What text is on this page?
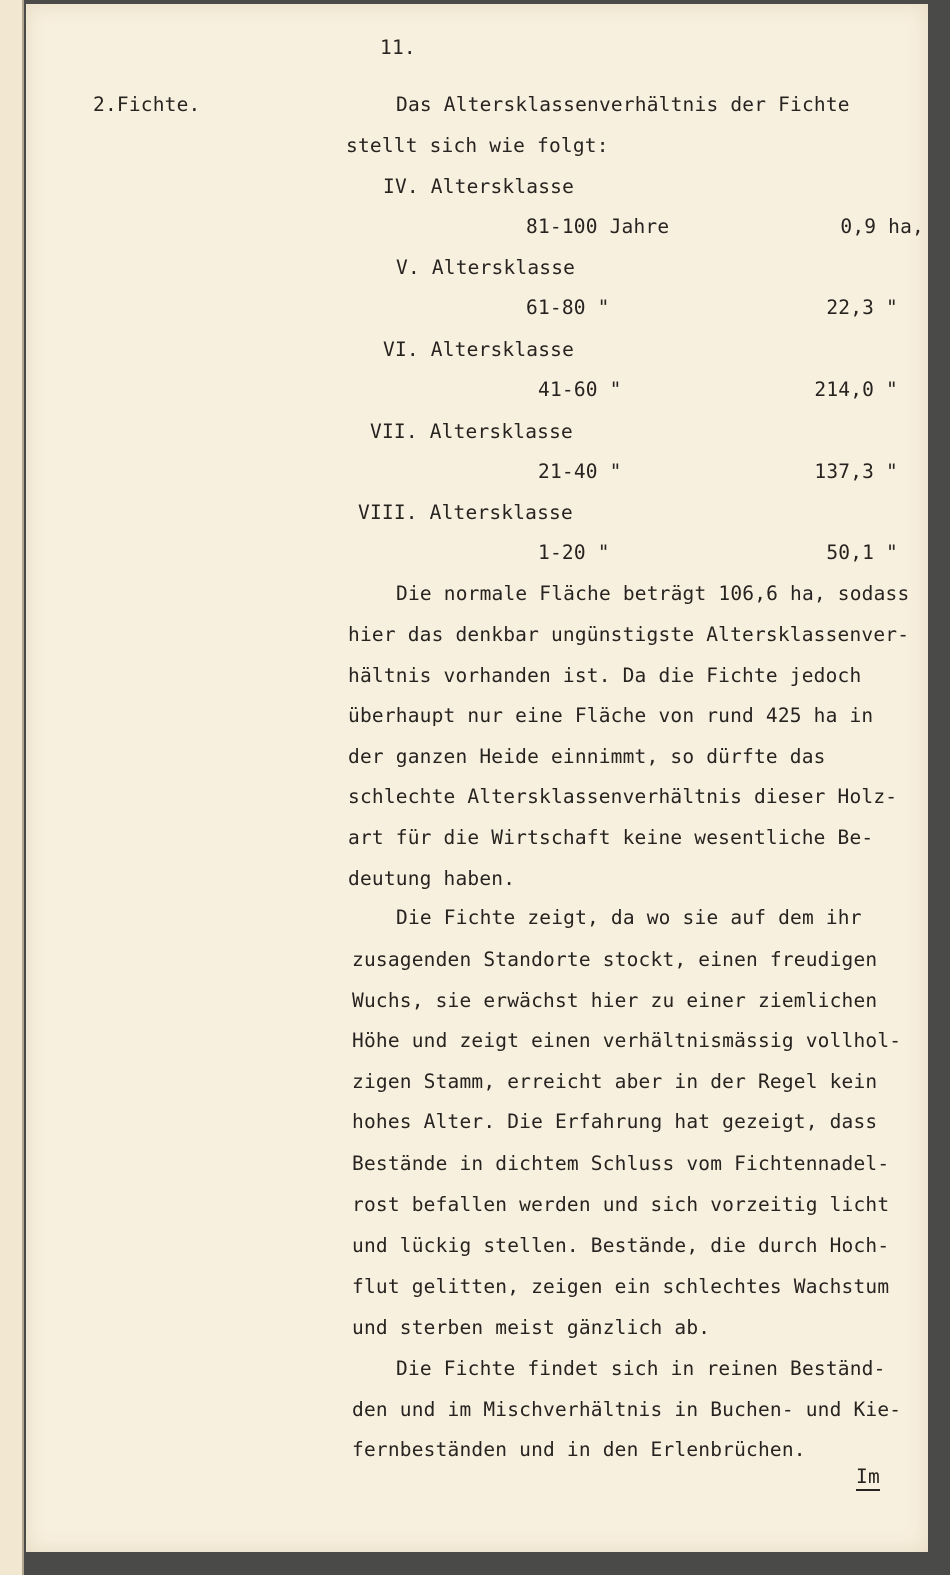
11.
2.Fichte.	Das Altersklassenverhältnis der Fichte
stellt sich wie folgt:
IV. Altersklasse
81-100 Jahre	0,9 ha,
V. Altersklasse
61-80 "	22,3 "
VI. Altersklasse
41-60 "	214,0 "
VII. Altersklasse
21-40 "	137,3 "
VIII. Altersklasse
1-20 "	50,1 "
Die normale Fläche beträgt 106,6 ha, sodass
hier das denkbar ungünstigste Altersklassenver-
hältnis vorhanden ist. Da die Fichte jedoch
überhaupt nur eine Fläche von rund 425 ha in
der ganzen Heide einnimmt, so dürfte das
schlechte Altersklassenverhältnis dieser Holz-
art für die Wirtschaft keine wesentliche Be-
deutung haben.
Die Fichte zeigt, da wo sie auf dem ihr
zusagenden Standorte stockt, einen freudigen
Wuchs, sie erwächst hier zu einer ziemlichen
Höhe und zeigt einen verhältnismässig vollhol-
zigen Stamm, erreicht aber in der Regel kein
hohes Alter. Die Erfahrung hat gezeigt, dass
Bestände in dichtem Schluss vom Fichtennadel-
rost befallen werden und sich vorzeitig licht
und lückig stellen. Bestände, die durch Hoch-
flut gelitten, zeigen ein schlechtes Wachstum
und sterben meist gänzlich ab.
Die Fichte findet sich in reinen Beständ-
den und im Mischverhältnis in Buchen- und Kie-
fernbeständen und in den Erlenbrüchen.
Im
